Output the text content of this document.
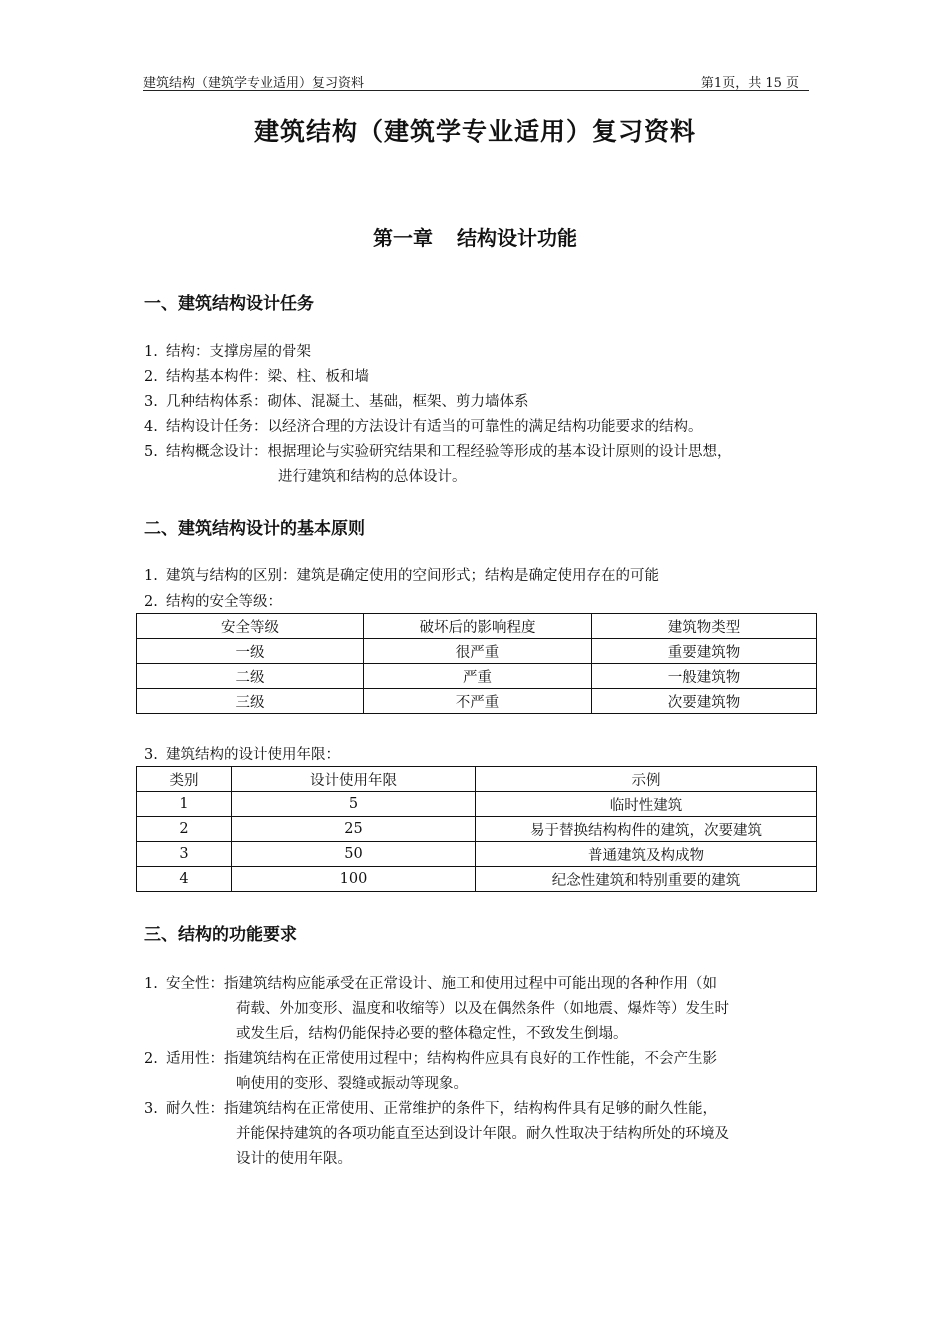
建筑结构（建筑学专业适用）复习资料	第1页，共 15 页
建筑结构（建筑学专业适用）复习资料
第一章 结构设计功能
一、建筑结构设计任务
1. 结构：支撑房屋的骨架
2. 结构基本构件：梁、柱、板和墙
3. 几种结构体系：砌体、混凝土、基础，框架、剪力墙体系
4. 结构设计任务：以经济合理的方法设计有适当的可靠性的满足结构功能要求的结构。
5. 结构概念设计：根据理论与实验研究结果和工程经验等形成的基本设计原则的设计思想，
进行建筑和结构的总体设计。
二、建筑结构设计的基本原则
1. 建筑与结构的区别：建筑是确定使用的空间形式；结构是确定使用存在的可能
2. 结构的安全等级：
安全等级	破坏后的影响程度	建筑物类型
一级	很严重	重要建筑物
二级	严重	一般建筑物
三级	不严重	次要建筑物
3. 建筑结构的设计使用年限：
类别	设计使用年限	示例
1	5	临时性建筑
2	25	易于替换结构构件的建筑，次要建筑
3	50	普通建筑及构成物
4	100	纪念性建筑和特别重要的建筑
三、结构的功能要求
1. 安全性：指建筑结构应能承受在正常设计、施工和使用过程中可能出现的各种作用（如
荷载、外加变形、温度和收缩等）以及在偶然条件（如地震、爆炸等）发生时
或发生后，结构仍能保持必要的整体稳定性，不致发生倒塌。
2. 适用性：指建筑结构在正常使用过程中；结构构件应具有良好的工作性能，不会产生影
响使用的变形、裂缝或振动等现象。
3. 耐久性：指建筑结构在正常使用、正常维护的条件下，结构构件具有足够的耐久性能，
并能保持建筑的各项功能直至达到设计年限。耐久性取决于结构所处的环境及
设计的使用年限。
